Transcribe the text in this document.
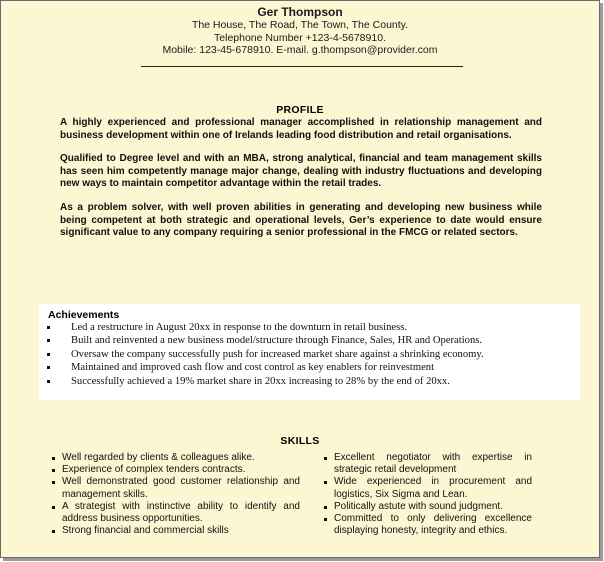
Ger Thompson
The House, The Road, The Town, The County.
Telephone Number +123-4-5678910.
Mobile: 123-45-678910. E-mail. g.thompson@provider.com
PROFILE

A highly experienced and professional manager accomplished in relationship management and business development within one of Irelands leading food distribution and retail organisations.

Qualified to Degree level and with an MBA, strong analytical, financial and team management skills has seen him competently manage major change, dealing with industry fluctuations and developing new ways to maintain competitor advantage within the retail trades.

As a problem solver, with well proven abilities in generating and developing new business while being competent at both strategic and operational levels, Ger’s experience to date would ensure significant value to any company requiring a senior professional in the FMCG or related sectors.

Achievements
Led a restructure in August 20xx in response to the downturn in retail business.
Built and reinvented a new business model/structure through Finance, Sales, HR and Operations.
Oversaw the company successfully push for increased market share against a shrinking economy.
Maintained and improved cash flow and cost control as key enablers for reinvestment
Successfully achieved a 19% market share in 20xx increasing to 28% by the end of 20xx.
SKILLS
Well regarded by clients & colleagues alike.
Experience of complex tenders contracts.
Well demonstrated good customer relationship and management skills.
A strategist with instinctive ability to identify and address business opportunities.
Strong financial and commercial skills
Excellent negotiator with expertise in strategic retail development
Wide experienced in procurement and logistics, Six Sigma and Lean.
Politically astute with sound judgment.
Committed to only delivering excellence displaying honesty, integrity and ethics.
